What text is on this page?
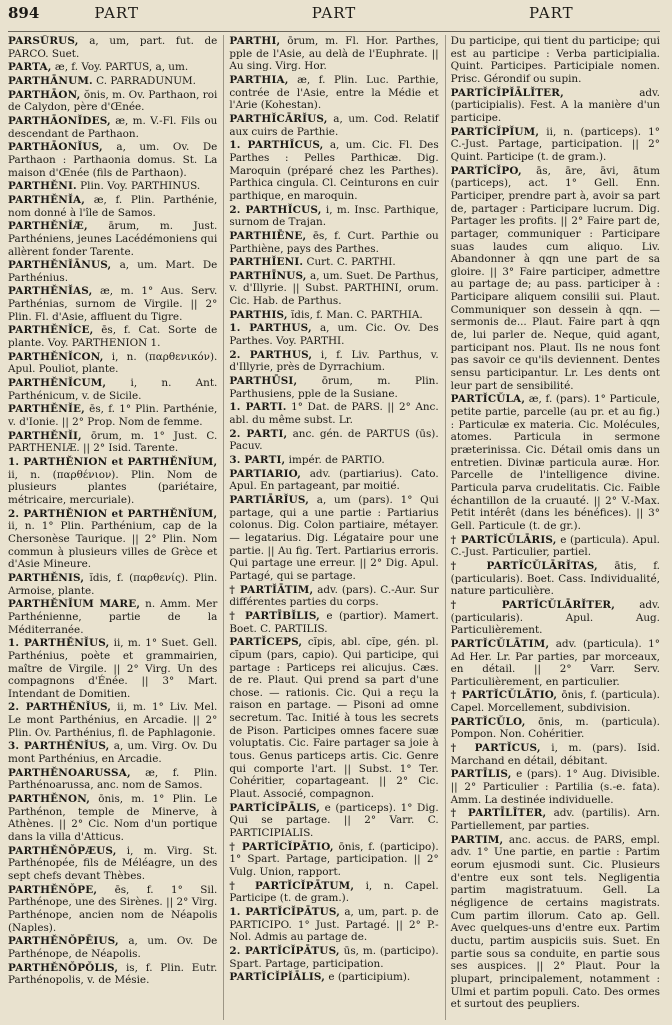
894	PART	PART	PART

PARSŪRUS, a, um, part. fut. de PARCO. Suet.

PARTA, æ, f. Voy. PARTUS, a, um.

PARTHĀNUM. C. PARRADUNUM.

PARTHĀON, ŏnis, m. Ov. Parthaon, roi de Calydon, père d'Œnée.

PARTHĀONĬDES, æ, m. V.-Fl. Fils ou descendant de Parthaon.

PARTHĀONĬUS, a, um. Ov. De Parthaon : Parthaonia domus. St. La maison d'Œnée (fils de Parthaon).

PARTHĔNI. Plin. Voy. PARTHINUS.

PARTHĔNĬA, æ, f. Plin. Parthénie, nom donné à l'île de Samos.

PARTHĔNĬÆ, ārum, m. Just. Parthéniens, jeunes Lacédémoniens qui allèrent fonder Tarente.

PARTHĔNĬĀNUS, a, um. Mart. De Parthénius.

PARTHĔNĬAS, æ, m. 1° Aus. Serv. Parthénias, surnom de Virgile. || 2° Plin. Fl. d'Asie, affluent du Tigre.

PARTHĔNĬCE, ēs, f. Cat. Sorte de plante. Voy. PARTHENION 1.

PARTHĔNĬCON, i, n. (παρθενικόν). Apul. Pouliot, plante.

PARTHĔNĬCUM, i, n. Ant. Parthénicum, v. de Sicile.

PARTHĔNĬE, ēs, f. 1° Plin. Parthénie, v. d'Ionie. || 2° Prop. Nom de femme.

PARTHĔNĬI, ōrum, m. 1° Just. C. PARTHENIÆ. || 2° Isid. Tarente.

1. PARTHĔNION et PARTHĔNĬUM, ii, n. (παρθένιον). Plin. Nom de plusieurs plantes (pariétaire, métricaire, mercuriale).

2. PARTHĔNION et PARTHĔNĬUM, ii, n. 1° Plin. Parthénium, cap de la Chersonèse Taurique. || 2° Plin. Nom commun à plusieurs villes de Grèce et d'Asie Mineure.

PARTHĔNIS, ĭdis, f. (παρθενίς). Plin. Armoise, plante.

PARTHĔNĬUM MARE, n. Amm. Mer Parthénienne, partie de la Méditerranée.

1. PARTHĔNĬUS, ii, m. 1° Suet. Gell. Parthénius, poète et grammairien, maître de Virgile. || 2° Virg. Un des compagnons d'Énée. || 3° Mart. Intendant de Domitien.

2. PARTHĔNĬUS, ii, m. 1° Liv. Mel. Le mont Parthénius, en Arcadie. || 2° Plin. Ov. Parthénius, fl. de Paphlagonie.

3. PARTHĔNĬUS, a, um. Virg. Ov. Du mont Parthénius, en Arcadie.

PARTHĔNOARUSSA, æ, f. Plin. Parthénoarussa, anc. nom de Samos.

PARTHĔNON, ōnis, m. 1° Plin. Le Parthénon, temple de Minerve, à Athènes. || 2° Cic. Nom d'un portique dans la villa d'Atticus.

PARTHĔNŎPÆUS, i, m. Virg. St. Parthénopée, fils de Méléagre, un des sept chefs devant Thèbes.

PARTHĔNŎPE, ēs, f. 1° Sil. Parthénope, une des Sirènes. || 2° Virg. Parthénope, ancien nom de Néapolis (Naples).

PARTHĔNŎPĒIUS, a, um. Ov. De Parthénope, de Néapolis.

PARTHĔNŎPŎLIS, is, f. Plin. Eutr. Parthénopolis, v. de Mésie.

PARTHI, ōrum, m. Fl. Hor. Parthes, pple de l'Asie, au delà de l'Euphrate. || Au sing. Virg. Hor.

PARTHIA, æ, f. Plin. Luc. Parthie, contrée de l'Asie, entre la Médie et l'Arie (Kohestan).

PARTHĬCĀRĬUS, a, um. Cod. Relatif aux cuirs de Parthie.

1. PARTHĬCUS, a, um. Cic. Fl. Des Parthes : Pelles Parthicæ. Dig. Maroquin (préparé chez les Parthes). Parthica cingula. Cl. Ceinturons en cuir parthique, en maroquin.

2. PARTHĬCUS, i, m. Insc. Parthique, surnom de Trajan.

PARTHIĒNE, ēs, f. Curt. Parthie ou Parthiène, pays des Parthes.

PARTHĬENI. Curt. C. PARTHI.

PARTHĪNUS, a, um. Suet. De Parthus, v. d'Illyrie. || Subst. PARTHINI, orum. Cic. Hab. de Parthus.

PARTHIS, ĭdis, f. Man. C. PARTHIA.

1. PARTHUS, a, um. Cic. Ov. Des Parthes. Voy. PARTHI.

2. PARTHUS, i, f. Liv. Parthus, v. d'Illyrie, près de Dyrrachium.

PARTHŪSI, ōrum, m. Plin. Parthusiens, pple de la Susiane.

1. PARTI. 1° Dat. de PARS. || 2° Anc. abl. du même subst. Lr.

2. PARTI, anc. gén. de PARTUS (ūs). Pacuv.

3. PARTI, impér. de PARTIO.

PARTIARIO, adv. (partiarius). Cato. Apul. En partageant, par moitié.

PARTIĀRĬUS, a, um (pars). 1° Qui partage, qui a une partie : Partiarius colonus. Dig. Colon partiaire, métayer. — legatarius. Dig. Légataire pour une partie. || Au fig. Tert. Partiarius erroris. Qui partage une erreur. || 2° Dig. Apul. Partagé, qui se partage.

† PARTĬĀTIM, adv. (pars). C.-Aur. Sur différentes parties du corps.

† PARTĪBĬLIS, e (partior). Mamert. Boet. C. PARTILIS.

PARTĬCEPS, cĭpis, abl. cĭpe, gén. pl. cĭpum (pars, capio). Qui participe, qui partage : Particeps rei alicujus. Cæs. de re. Plaut. Qui prend sa part d'une chose. — rationis. Cic. Qui a reçu la raison en partage. — Pisoni ad omne secretum. Tac. Initié à tous les secrets de Pison. Participes omnes facere suæ voluptatis. Cic. Faire partager sa joie à tous. Genus particeps artis. Cic. Genre qui comporte l'art. || Subst. 1° Ter. Cohéritier, copartageant. || 2° Cic. Plaut. Associé, compagnon.

PARTĬCĬPĀLIS, e (particeps). 1° Dig. Qui se partage. || 2° Varr. C. PARTICIPIALIS.

† PARTĬCĬPĀTIO, ōnis, f. (participo). 1° Spart. Partage, participation. || 2° Vulg. Union, rapport.

† PARTĬCĬPĀTUM, i, n. Capel. Participe (t. de gram.).

1. PARTĬCĬPĀTUS, a, um, part. p. de PARTICIPO. 1° Just. Partagé. || 2° P.-Nol. Admis au partage de.

2. PARTĬCĬPĀTUS, ūs, m. (participo). Spart. Partage, participation.

PARTĬCĬPĬĀLIS, e (participium).

Du participe, qui tient du participe; qui est au participe : Verba participialia. Quint. Participes. Participiale nomen. Prisc. Gérondif ou supin.

PARTĬCĬPĬĀLĬTER, adv. (participialis). Fest. A la manière d'un participe.

PARTĬCĬPĬUM, ii, n. (particeps). 1° C.-Just. Partage, participation. || 2° Quint. Participe (t. de gram.).

PARTĬCĬPO, ās, āre, āvi, ātum (particeps), act. 1° Gell. Enn. Participer, prendre part à, avoir sa part de, partager : Participare lucrum. Dig. Partager les profits. || 2° Faire part de, partager, communiquer : Participare suas laudes cum aliquo. Liv. Abandonner à qqn une part de sa gloire. || 3° Faire participer, admettre au partage de; au pass. participer à : Participare aliquem consilii sui. Plaut. Communiquer son dessein à qqn. — sermonis de... Plaut. Faire part à qqn de, lui parler de. Neque, quid agant, participant nos. Plaut. Ils ne nous font pas savoir ce qu'ils deviennent. Dentes sensu participantur. Lr. Les dents ont leur part de sensibilité.

PARTĬCŬLA, æ, f. (pars). 1° Particule, petite partie, parcelle (au pr. et au fig.) : Particulæ ex materia. Cic. Molécules, atomes. Particula in sermone præterinissa. Cic. Détail omis dans un entretien. Divinæ particula auræ. Hor. Parcelle de l'intelligence divine. Particula parva crudelitatis. Cic. Faible échantillon de la cruauté. || 2° V.-Max. Petit intérêt (dans les bénéfices). || 3° Gell. Particule (t. de gr.).

† PARTĬCŬLĀRIS, e (particula). Apul. C.-Just. Particulier, partiel.

† PARTĬCŬLĀRĬTAS, ātis, f. (particularis). Boet. Cass. Individualité, nature particulière.

† PARTĬCŬLĀRĬTER, adv. (particularis). Apul. Aug. Particulièrement.

PARTĬCŬLĀTIM, adv. (particula). 1° Ad Her. Lr. Par parties, par morceaux, en détail. || 2° Varr. Serv. Particulièrement, en particulier.

† PARTĬCŬLĀTIO, ōnis, f. (particula). Capel. Morcellement, subdivision.

PARTĬCŬLO, ōnis, m. (particula). Pompon. Non. Cohéritier.

† PARTĬCUS, i, m. (pars). Isid. Marchand en détail, débitant.

PARTĪLIS, e (pars). 1° Aug. Divisible. || 2° Particulier : Partilia (s.-e. fata). Amm. La destinée individuelle.

† PARTĪLĬTER, adv. (partilis). Arn. Partiellement, par parties.

PARTIM, anc. accus. de PARS, empl. adv. 1° Une partie, en partie : Partim eorum ejusmodi sunt. Cic. Plusieurs d'entre eux sont tels. Negligentia partim magistratuum. Gell. La négligence de certains magistrats. Cum partim illorum. Cato ap. Gell. Avec quelques-uns d'entre eux. Partim ductu, partim auspiciis suis. Suet. En partie sous sa conduite, en partie sous ses auspices. || 2° Plaut. Pour la plupart, principalement, notamment : Ulmi et partim populi. Cato. Des ormes et surtout des peupliers.
